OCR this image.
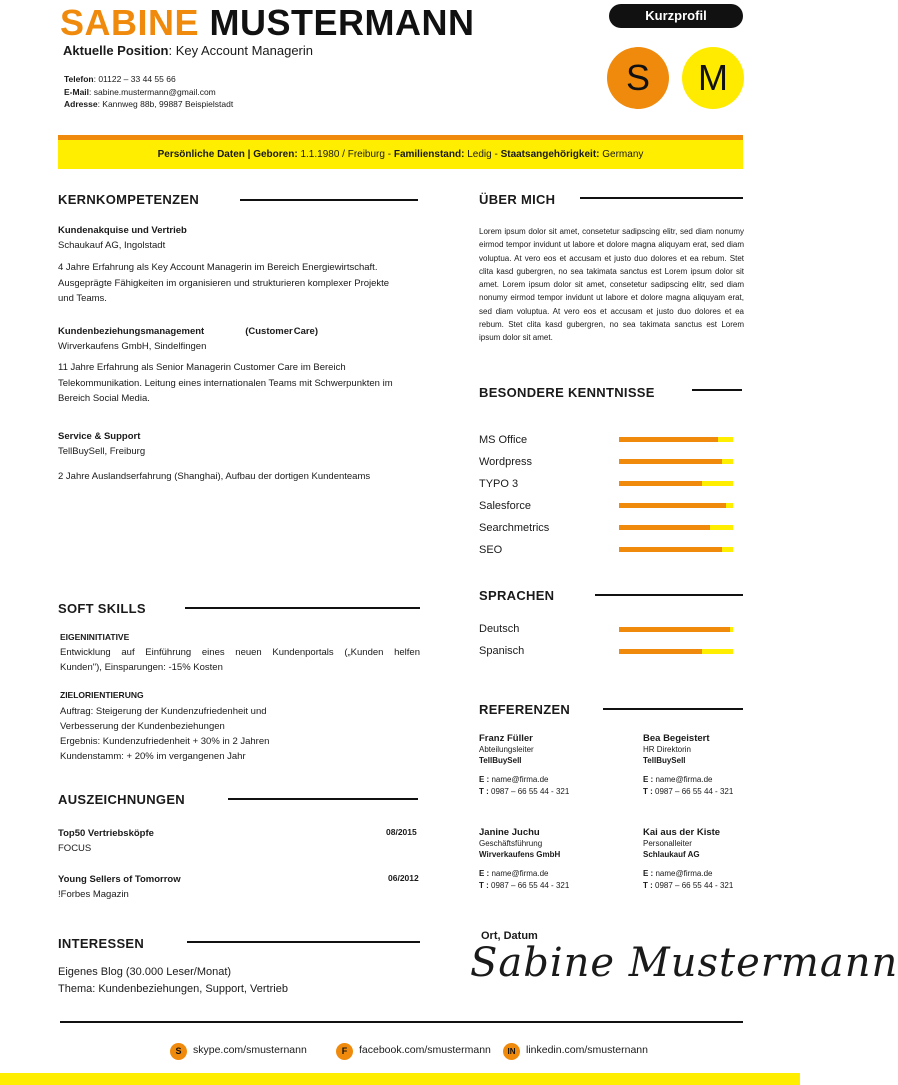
SABINE MUSTERMANN
Aktuelle Position: Key Account Managerin
Telefon: 01122 – 33 44 55 66
E-Mail: sabine.mustermann@gmail.com
Adresse: Kannweg 88b, 99887 Beispielstadt
Kurzprofil
S	M
Persönliche Daten | Geboren: 1.1.1980 / Freiburg - Familienstand: Ledig - Staatsangehörigkeit: Germany
KERNKOMPETENZEN
Kundenakquise und Vertrieb
Schaukauf AG, Ingolstadt
4 Jahre Erfahrung als Key Account Managerin im Bereich Energiewirtschaft. Ausgeprägte Fähigkeiten im organisieren und strukturieren komplexer Projekte und Teams.
Kundenbeziehungsmanagement	(Customer Care)
Wirverkaufens GmbH, Sindelfingen
11 Jahre Erfahrung als Senior Managerin Customer Care im Bereich Telekommunikation. Leitung eines internationalen Teams mit Schwerpunkten im Bereich Social Media.
Service & Support
TellBuySell, Freiburg
2 Jahre Auslandserfahrung (Shanghai), Aufbau der dortigen Kundenteams
ÜBER MICH
Lorem ipsum dolor sit amet, consetetur sadipscing elitr, sed diam nonumy eirmod tempor invidunt ut labore et dolore magna aliquyam erat, sed diam voluptua. At vero eos et accusam et justo duo dolores et ea rebum. Stet clita kasd gubergren, no sea takimata sanctus est Lorem ipsum dolor sit amet. Lorem ipsum dolor sit amet, consetetur sadipscing elitr, sed diam nonumy eirmod tempor invidunt ut labore et dolore magna aliquyam erat, sed diam voluptua. At vero eos et accusam et justo duo dolores et ea rebum. Stet clita kasd gubergren, no sea takimata sanctus est Lorem ipsum dolor sit amet.
BESONDERE KENNTNISSE
MS Office
Wordpress
TYPO 3
Salesforce
Searchmetrics
SEO
SPRACHEN
Deutsch
Spanisch
SOFT SKILLS
EIGENINITIATIVE
Entwicklung auf Einführung eines neuen Kundenportals („Kunden helfen
Kunden"), Einsparungen: -15% Kosten
ZIELORIENTIERUNG
Auftrag: Steigerung der Kundenzufriedenheit und
Verbesserung der Kundenbeziehungen
Ergebnis: Kundenzufriedenheit + 30% in 2 Jahren
Kundenstamm: + 20% im vergangenen Jahr
REFERENZEN
Franz Füller
Abteilungsleiter
TellBuySell
E : name@firma.de
T : 0987 – 66 55 44 - 321
Bea Begeistert
HR Direktorin
TellBuySell
E : name@firma.de
T : 0987 – 66 55 44 - 321
Janine Juchu
Geschäftsführung
Wirverkaufens GmbH
E : name@firma.de
T : 0987 – 66 55 44 - 321
Kai aus der Kiste
Personalleiter
Schlaukauf AG
E : name@firma.de
T : 0987 – 66 55 44 - 321
AUSZEICHNUNGEN
Top50 Vertriebsköpfe
FOCUS
08/2015
Young Sellers of Tomorrow
!Forbes Magazin
06/2012
INTERESSEN
Eigenes Blog (30.000 Leser/Monat)
Thema: Kundenbeziehungen, Support, Vertrieb
Ort, Datum
Sabine Mustermann
S	skype.com/smusternann	F	facebook.com/smustermann	IN	linkedin.com/smusternann
